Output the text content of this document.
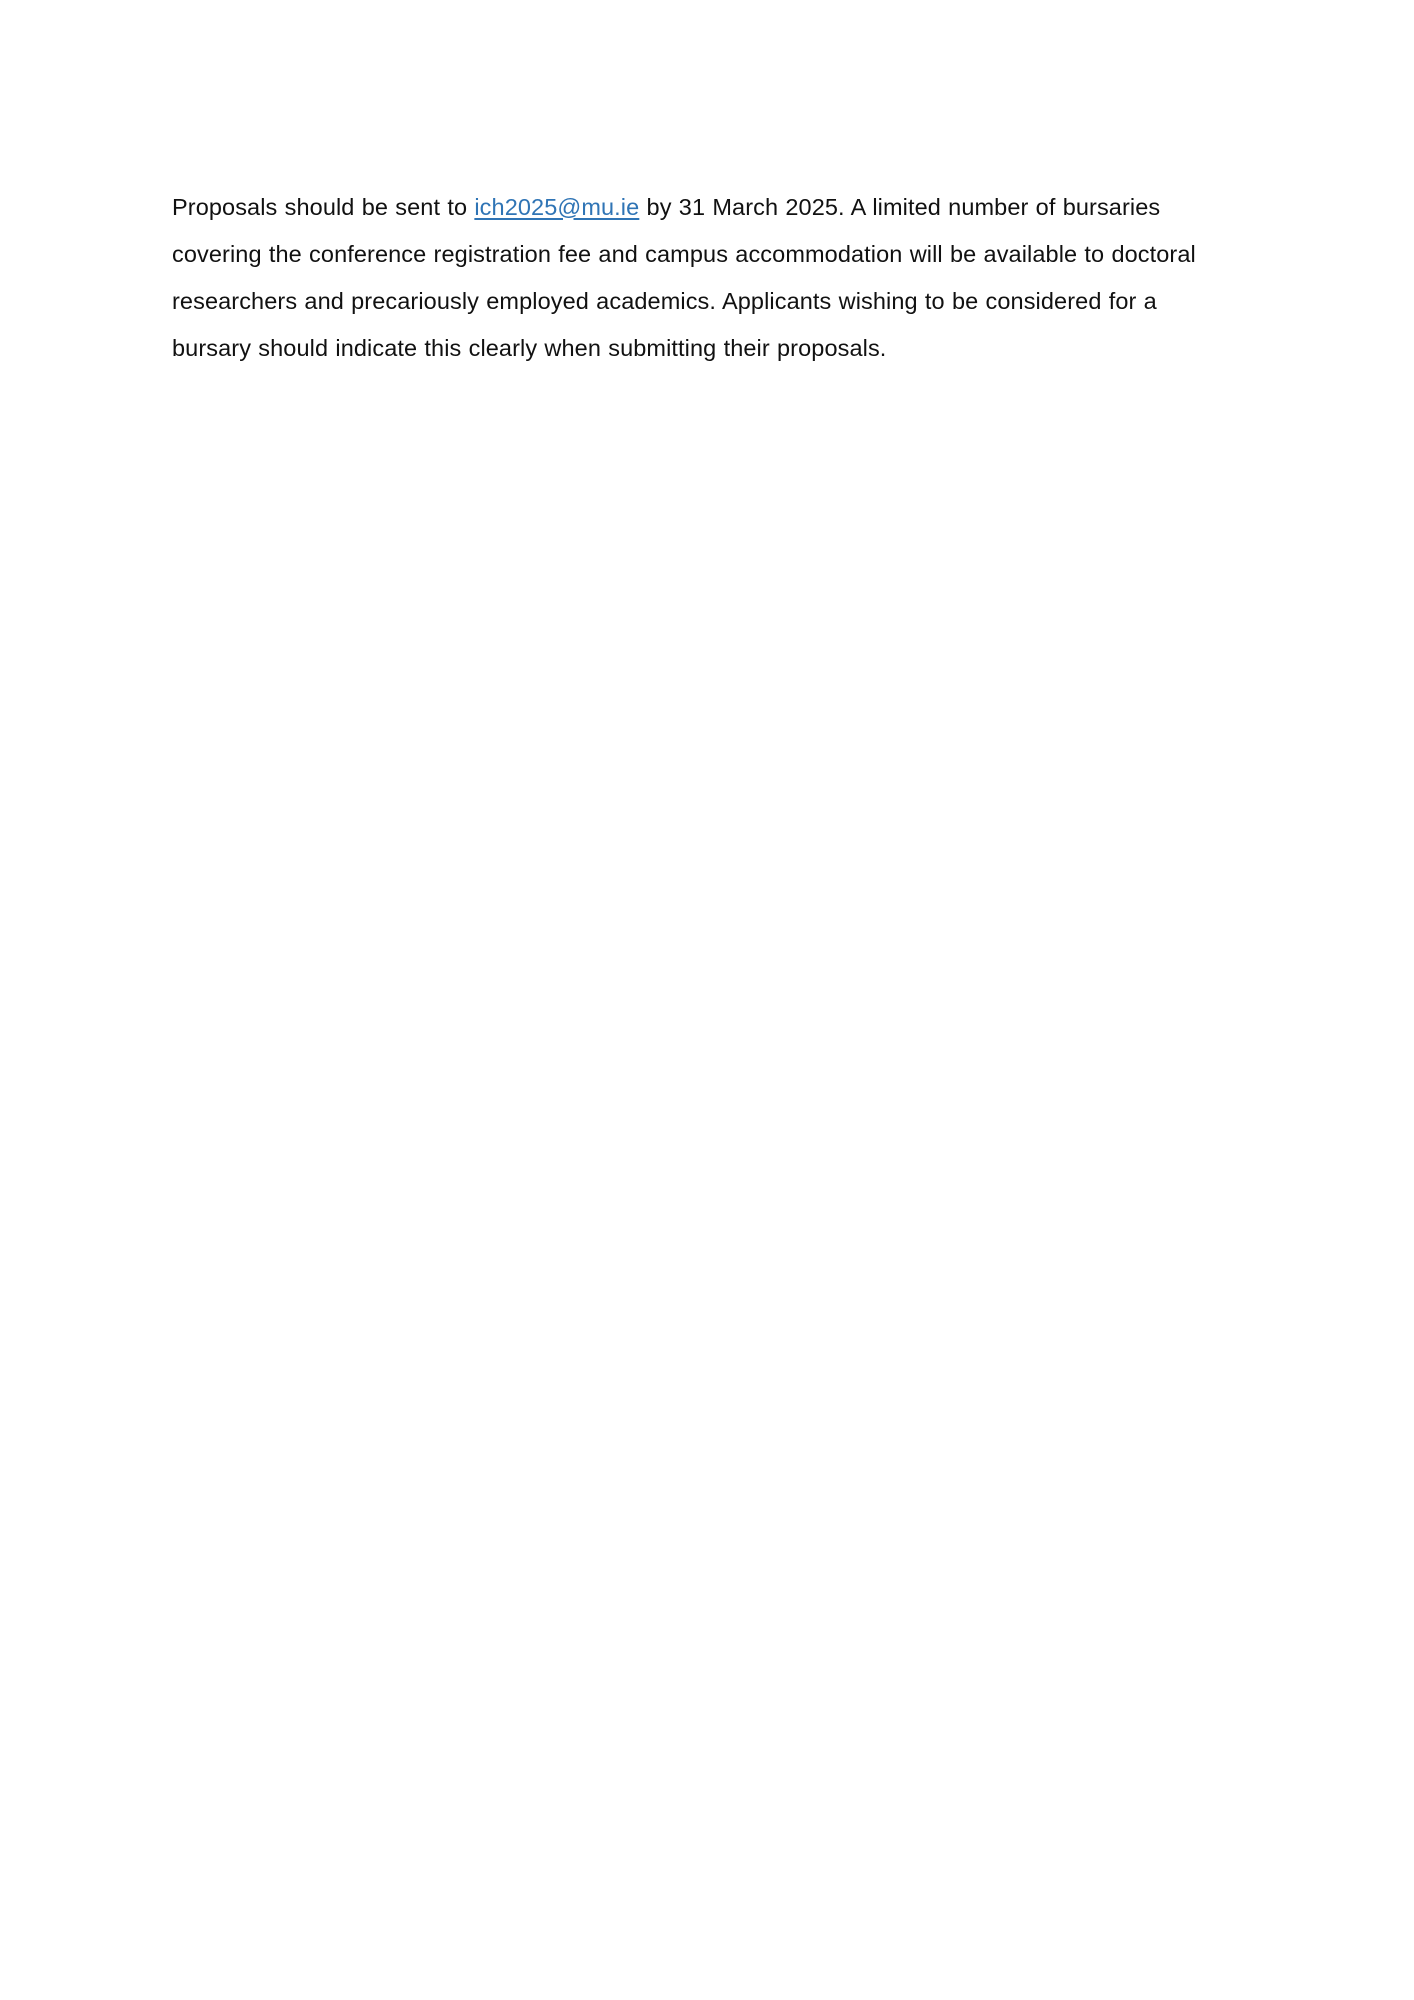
Proposals should be sent to ich2025@mu.ie by 31 March 2025. A limited number of bursaries covering the conference registration fee and campus accommodation will be available to doctoral researchers and precariously employed academics. Applicants wishing to be considered for a bursary should indicate this clearly when submitting their proposals.
